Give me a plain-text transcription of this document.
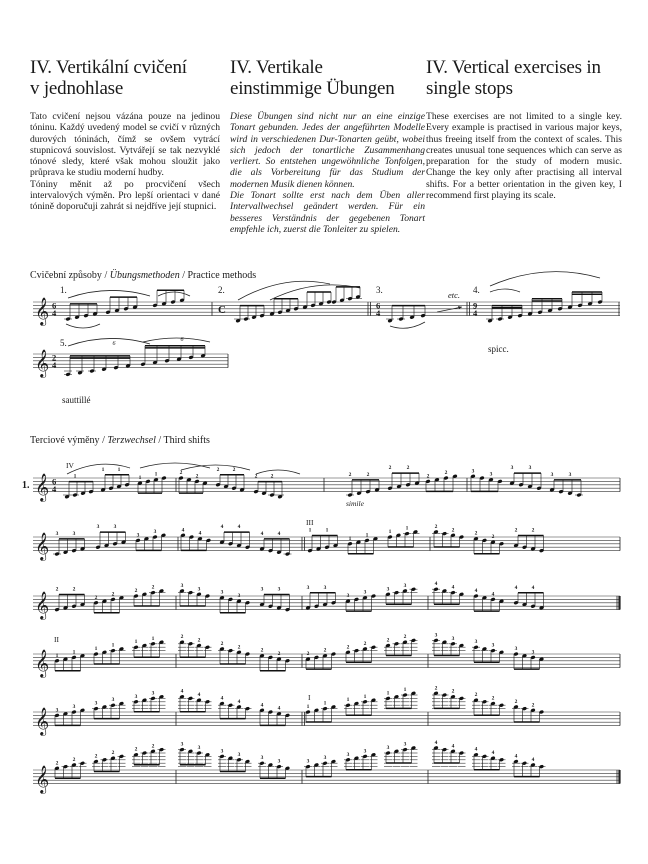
IV. Vertikální cvičení
v jednohlase

Tato cvičení nejsou vázána pouze na jedinou tóninu. Každý uvedený model se cvičí v různých durových tóninách, čímž se ovšem vytrácí stupnicová souvislost. Vytvářejí se tak nezvyklé tónové sledy, které však mohou sloužit jako průprava ke studiu moderní hudby.

Tóniny měnit až po procvičení všech intervalových výměn. Pro lepší orientaci v dané tónině doporučuji zahrát si nejdříve její stupnici.

IV. Vertikale
einstimmige Übungen

Diese Übungen sind nicht nur an eine einzige Tonart gebunden. Jedes der angeführten Modelle wird in verschiedenen Dur-Tonarten geübt, wobei sich jedoch der tonartliche Zusammenhang verliert. So entstehen ungewöhnliche Tonfolgen, die als Vorbereitung für das Studium der modernen Musik dienen können.

Die Tonart sollte erst nach dem Üben aller Intervallwechsel geändert werden. Für ein besseres Verständnis der gegebenen Tonart empfehle ich, zuerst die Tonleiter zu spielen.

IV. Vertical exercises in
single stops

These exercises are not limited to a single key. Every example is practised in various major keys, thus freeing itself from the context of scales. This creates unusual tone sequences which can serve as preparation for the study of modern music. Change the key only after practising all interval shifts. For a better orientation in the given key, I recommend first playing its scale.

Cvičební způsoby / Übungsmethoden / Practice methods
Terciové výměny / Terzwechsel / Third shifts
𝄞 6
4
1.	2.
C
3.
6
4
etc. 4.
9
4
spicc.
𝄞 2
4
5.	6
6
sauttillé
1. 𝄞 6
4
IV
1
1 1
1
1	2
2
2 2
2 2
simile
2	2
2	2
2
2	3
3
3	3
3	3
𝄞
3	3
3	3
3
3	4
4
4	4
4	4
III
1	1
1
1
1
1	2
2
2
2
2	2
𝄞
2	2
2
2
2
2	3
3
3
3
3	3	3	3
3
3
3
3	4
4
4
4
4	4
𝄞
II
1
1
1
1
1
1	2
2
2
2
2
2	2
2
2
2
2
2	3
3
3
3
3
3
𝄞 3
3
3
3
3
3	4
4
4
4
4
4
I
1
1
1
1
1
1	2
2
2
2
2
2
𝄞
2
2
2
2
2
2	3
3
3
3
3
3	3
3
3
3
3
3	4
4
4
4
4
4
